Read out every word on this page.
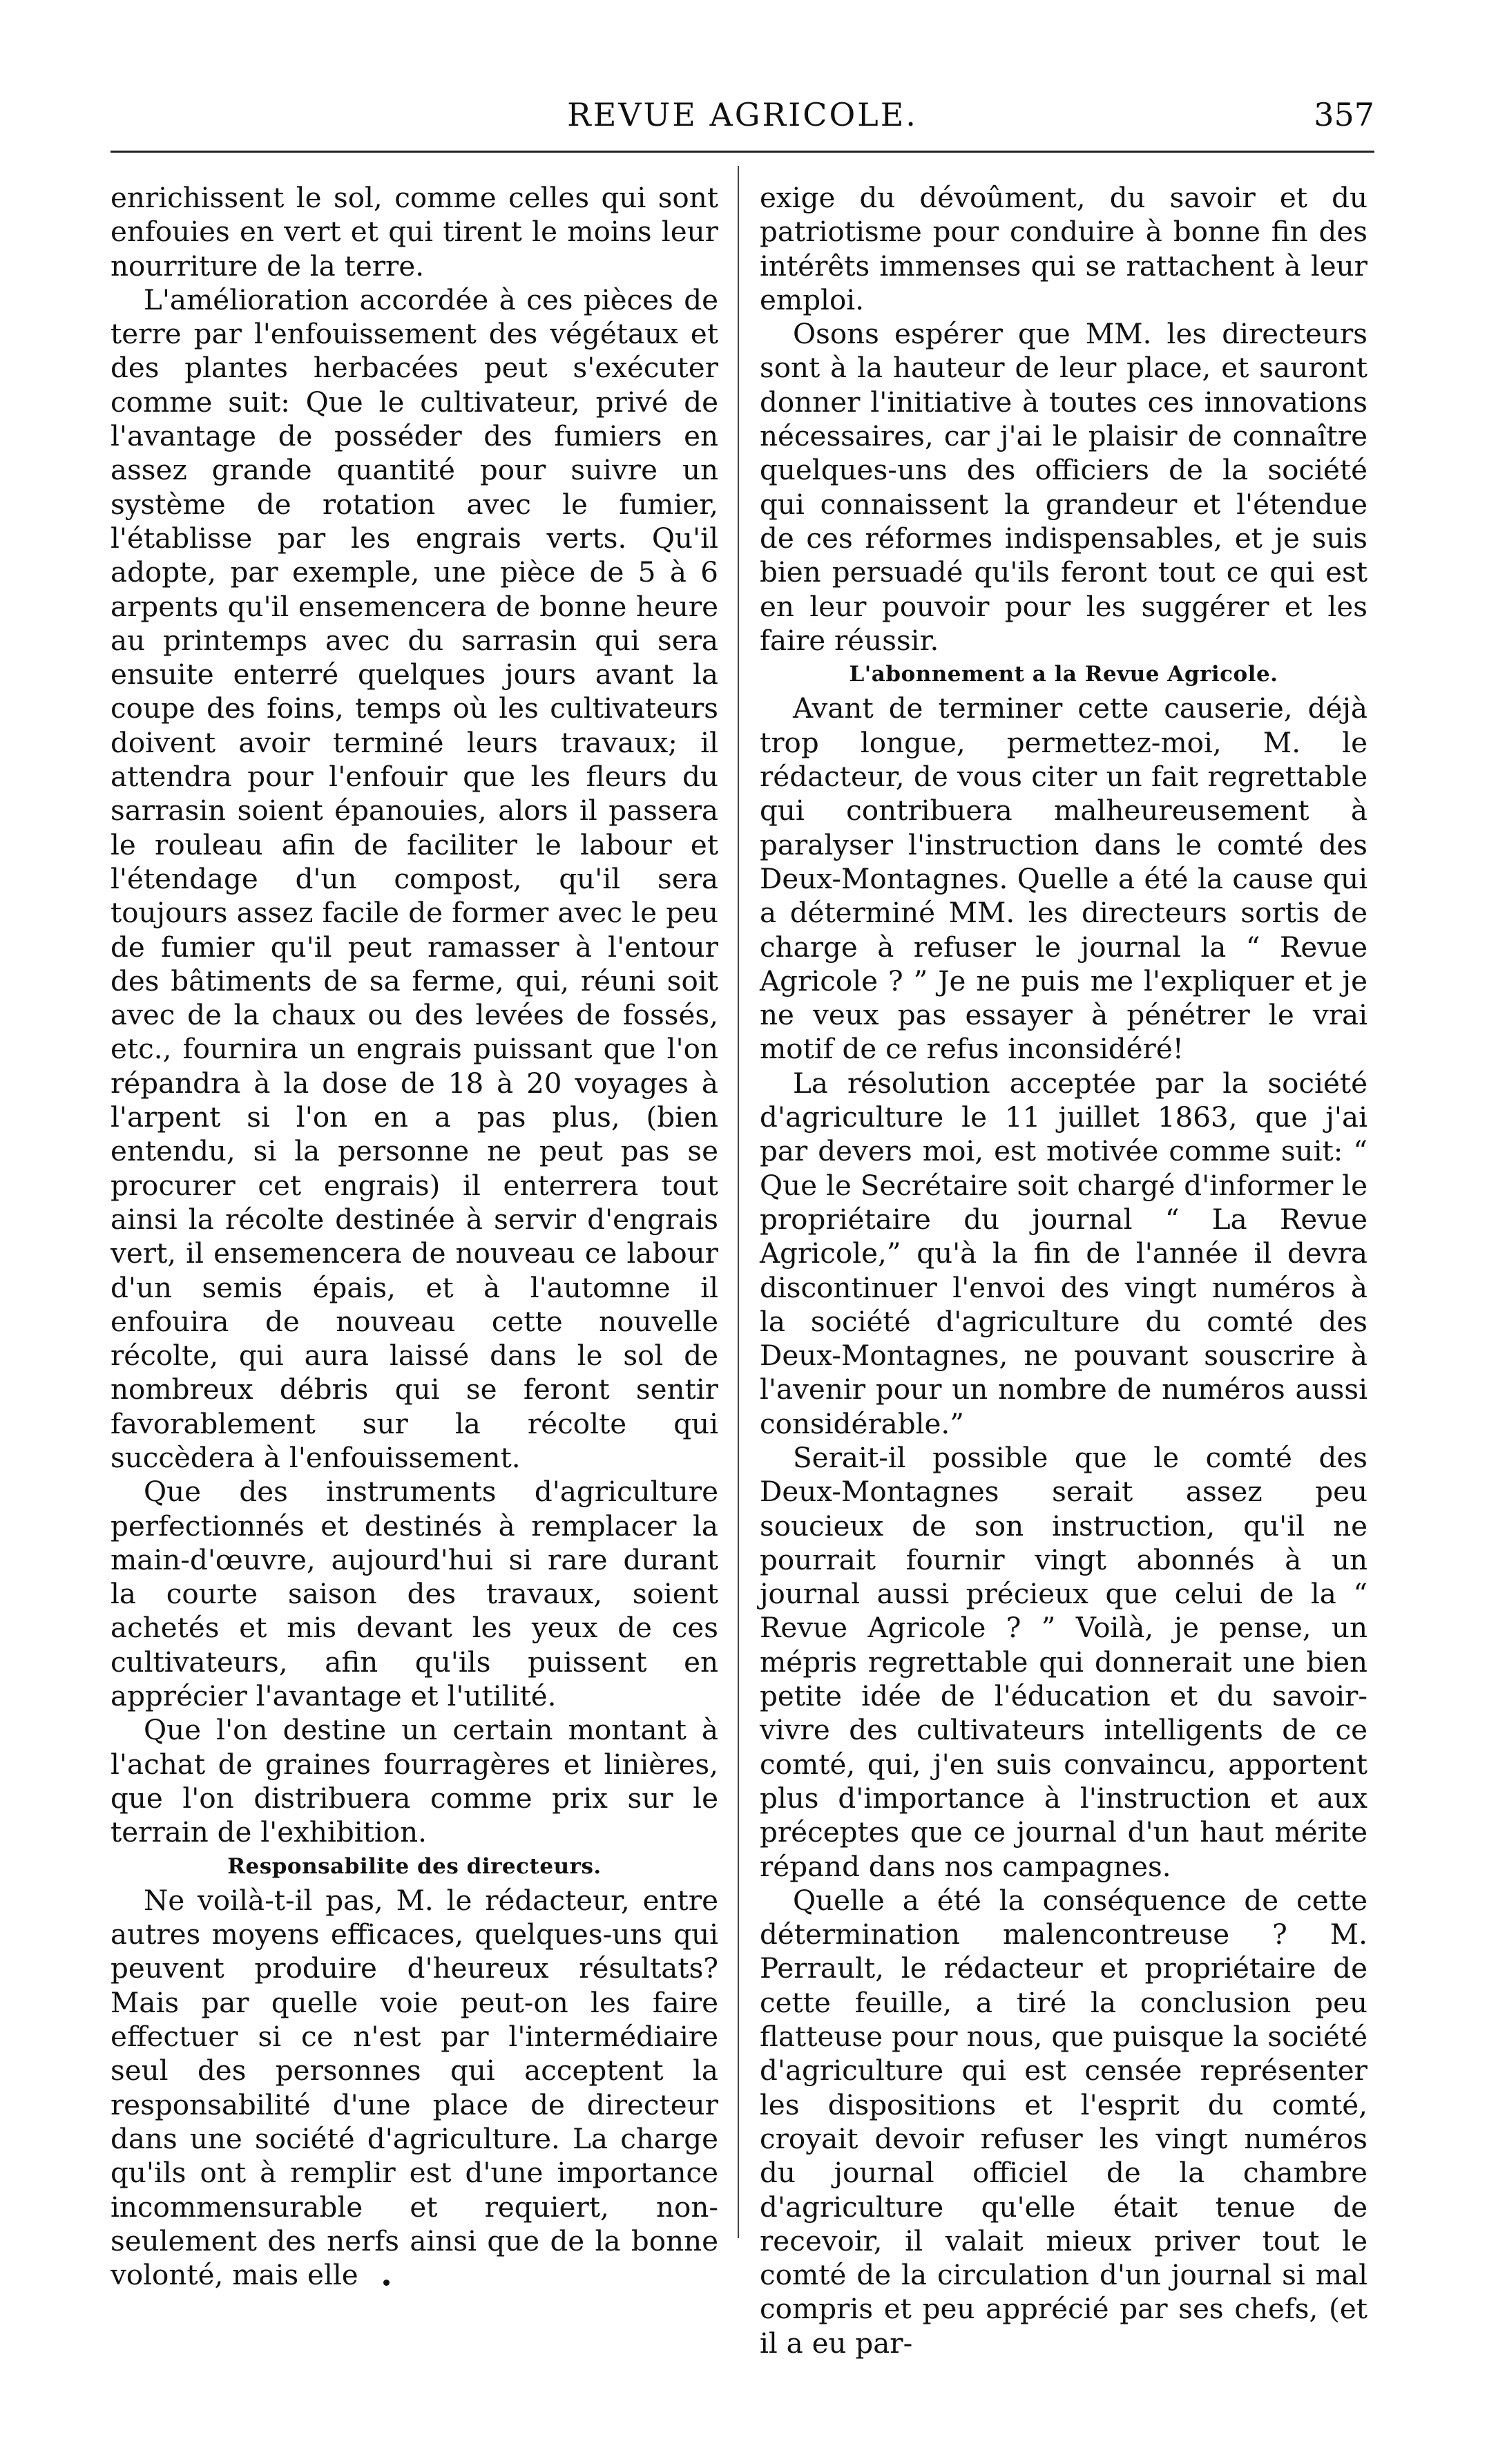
REVUE AGRICOLE.	357

enrichissent le sol, comme celles qui sont enfouies en vert et qui tirent le moins leur nourriture de la terre.

L'amélioration accordée à ces pièces de terre par l'enfouissement des végétaux et des plantes herbacées peut s'exécuter comme suit: Que le cultivateur, privé de l'avantage de posséder des fumiers en assez grande quantité pour suivre un système de rotation avec le fumier, l'établisse par les engrais verts. Qu'il adopte, par exemple, une pièce de 5 à 6 arpents qu'il ensemencera de bonne heure au printemps avec du sarrasin qui sera ensuite enterré quelques jours avant la coupe des foins, temps où les cultivateurs doivent avoir terminé leurs travaux; il attendra pour l'enfouir que les fleurs du sarrasin soient épanouies, alors il passera le rouleau afin de faciliter le labour et l'étendage d'un compost, qu'il sera toujours assez facile de former avec le peu de fumier qu'il peut ramasser à l'entour des bâtiments de sa ferme, qui, réuni soit avec de la chaux ou des levées de fossés, etc., fournira un engrais puissant que l'on répandra à la dose de 18 à 20 voyages à l'arpent si l'on en a pas plus, (bien entendu, si la personne ne peut pas se procurer cet engrais) il enterrera tout ainsi la récolte destinée à servir d'engrais vert, il ensemencera de nouveau ce labour d'un semis épais, et à l'automne il enfouira de nouveau cette nouvelle récolte, qui aura laissé dans le sol de nombreux débris qui se feront sentir favorablement sur la récolte qui succèdera à l'enfouissement.

Que des instruments d'agriculture perfectionnés et destinés à remplacer la main-d'œuvre, aujourd'hui si rare durant la courte saison des travaux, soient achetés et mis devant les yeux de ces cultivateurs, afin qu'ils puissent en apprécier l'avantage et l'utilité.

Que l'on destine un certain montant à l'achat de graines fourragères et linières, que l'on distribuera comme prix sur le terrain de l'exhibition.

Responsabilite des directeurs.

Ne voilà-t-il pas, M. le rédacteur, entre autres moyens efficaces, quelques-uns qui peuvent produire d'heureux résultats? Mais par quelle voie peut-on les faire effectuer si ce n'est par l'intermédiaire seul des personnes qui acceptent la responsabilité d'une place de directeur dans une société d'agriculture. La charge qu'ils ont à remplir est d'une importance incommensurable et requiert, non-seulement des nerfs ainsi que de la bonne volonté, mais elle

exige du dévoûment, du savoir et du patriotisme pour conduire à bonne fin des intérêts immenses qui se rattachent à leur emploi.

Osons espérer que MM. les directeurs sont à la hauteur de leur place, et sauront donner l'initiative à toutes ces innovations nécessaires, car j'ai le plaisir de connaître quelques-uns des officiers de la société qui connaissent la grandeur et l'étendue de ces réformes indispensables, et je suis bien persuadé qu'ils feront tout ce qui est en leur pouvoir pour les suggérer et les faire réussir.

L'abonnement a la Revue Agricole.

Avant de terminer cette causerie, déjà trop longue, permettez-moi, M. le rédacteur, de vous citer un fait regrettable qui contribuera malheureusement à paralyser l'instruction dans le comté des Deux-Montagnes. Quelle a été la cause qui a déterminé MM. les directeurs sortis de charge à refuser le journal la “ Revue Agricole ? ” Je ne puis me l'expliquer et je ne veux pas essayer à pénétrer le vrai motif de ce refus inconsidéré!

La résolution acceptée par la société d'agriculture le 11 juillet 1863, que j'ai par devers moi, est motivée comme suit: “ Que le Secrétaire soit chargé d'informer le propriétaire du journal “ La Revue Agricole,” qu'à la fin de l'année il devra discontinuer l'envoi des vingt numéros à la société d'agriculture du comté des Deux-Montagnes, ne pouvant souscrire à l'avenir pour un nombre de numéros aussi considérable.”

Serait-il possible que le comté des Deux-Montagnes serait assez peu soucieux de son instruction, qu'il ne pourrait fournir vingt abonnés à un journal aussi précieux que celui de la “ Revue Agricole ? ” Voilà, je pense, un mépris regrettable qui donnerait une bien petite idée de l'éducation et du savoir-vivre des cultivateurs intelligents de ce comté, qui, j'en suis convaincu, apportent plus d'importance à l'instruction et aux préceptes que ce journal d'un haut mérite répand dans nos campagnes.

Quelle a été la conséquence de cette détermination malencontreuse ? M. Perrault, le rédacteur et propriétaire de cette feuille, a tiré la conclusion peu flatteuse pour nous, que puisque la société d'agriculture qui est censée représenter les dispositions et l'esprit du comté, croyait devoir refuser les vingt numéros du journal officiel de la chambre d'agriculture qu'elle était tenue de recevoir, il valait mieux priver tout le comté de la circulation d'un journal si mal compris et peu apprécié par ses chefs, (et il a eu par-
